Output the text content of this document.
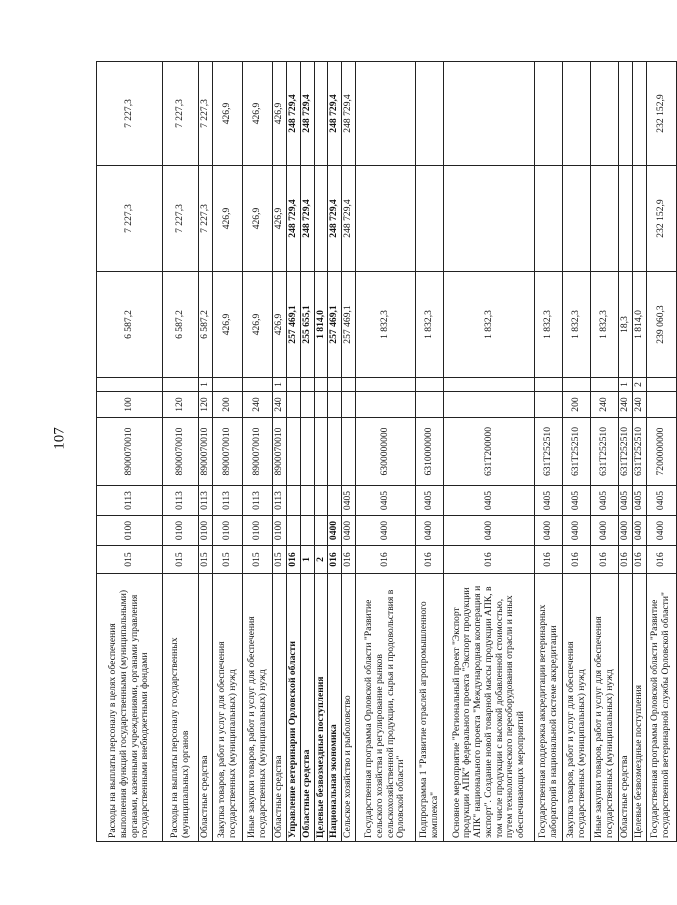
107
Расходы на выплаты персоналу в целях обеспечения выполнения функций государственными (муниципальными) органами, казенными учреждениями, органами управления государственными внебюджетными фондами	015	0100	0113	8900070010	100		6 587,2	7 227,3	7 227,3
Расходы на выплаты персоналу государственных (муниципальных) органов	015	0100	0113	8900070010	120		6 587,2	7 227,3	7 227,3
Областные средства	015	0100	0113	8900070010	120	1	6 587,2	7 227,3	7 227,3
Закупка товаров, работ и услуг для обеспечения государственных (муниципальных) нужд	015	0100	0113	8900070010	200		426,9	426,9	426,9
Иные закупки товаров, работ и услуг для обеспечения государственных (муниципальных) нужд	015	0100	0113	8900070010	240		426,9	426,9	426,9
Областные средства	015	0100	0113	8900070010	240	1	426,9	426,9	426,9
Управление ветеринарии Орловской области	016						257 469,1	248 729,4	248 729,4
Областные средства	1						255 655,1	248 729,4	248 729,4
Целевые безвозмездные поступления	2						1 814,0		
Национальная экономика	016	0400					257 469,1	248 729,4	248 729,4
Сельское хозяйство и рыболовство	016	0400	0405				257 469,1	248 729,4	248 729,4
Государственная программа Орловской области "Развитие сельского хозяйства и регулирование рынков сельскохозяйственной продукции, сырья и продовольствия в Орловской области"	016	0400	0405	6300000000			1 832,3		
Подпрограмма 1 "Развитие отраслей агропромышленного комплекса"	016	0400	0405	6310000000			1 832,3		
Основное мероприятие "Региональный проект "Экспорт продукции АПК" федерального проекта "Экспорт продукции АПК" национального проекта "Международная кооперация и экспорт". Создание новой товарной массы продукции АПК, в том числе продукции с высокой добавленной стоимостью, путем технологического переоборудования отрасли и иных обеспечивающих мероприятий	016	0400	0405	631T200000			1 832,3		
Государственная поддержка аккредитации ветеринарных лабораторий в национальной системе аккредитации	016	0400	0405	631T252510			1 832,3		
Закупка товаров, работ и услуг для обеспечения государственных (муниципальных) нужд	016	0400	0405	631T252510	200		1 832,3		
Иные закупки товаров, работ и услуг для обеспечения государственных (муниципальных) нужд	016	0400	0405	631T252510	240		1 832,3		
Областные средства	016	0400	0405	631T252510	240	1	18,3		
Целевые безвозмездные поступления	016	0400	0405	631T252510	240	2	1 814,0		
Государственная программа Орловской области "Развитие государственной ветеринарной службы Орловской области"	016	0400	0405	7200000000			239 060,3	232 152,9	232 152,9
